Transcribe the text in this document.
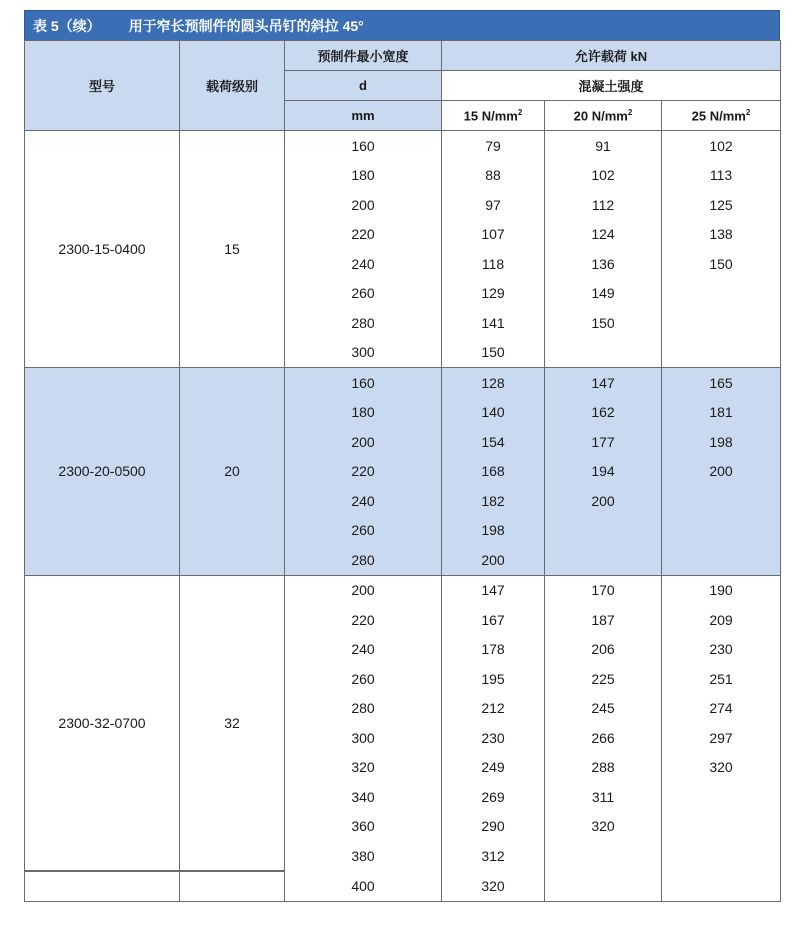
表 5（续） 用于窄长预制件的圆头吊钉的斜拉 45°
型号	载荷级别	预制件最小宽度	允许载荷 kN		
		d	混凝土强度		
		mm	15 $N/mm^2$	20 $N/mm^2$	25 $N/mm^2$
2300-15-0400	15	160	79	91	102
		180	88	102	113
		200	97	112	125
		220	107	124	138
		240	118	136	150
		260	129	149	
		280	141	150	
		300	150		
2300-20-0500	20	160	128	147	165
		180	140	162	181
		200	154	177	198
		220	168	194	200
		240	182	200	
		260	198		
		280	200		
2300-32-0700	32	200	147	170	190
		220	167	187	209
		240	178	206	230
		260	195	225	251
		280	212	245	274
		300	230	266	297
		320	249	288	320
		340	269	311	
		360	290	320	
		380	312		
		400	320		
